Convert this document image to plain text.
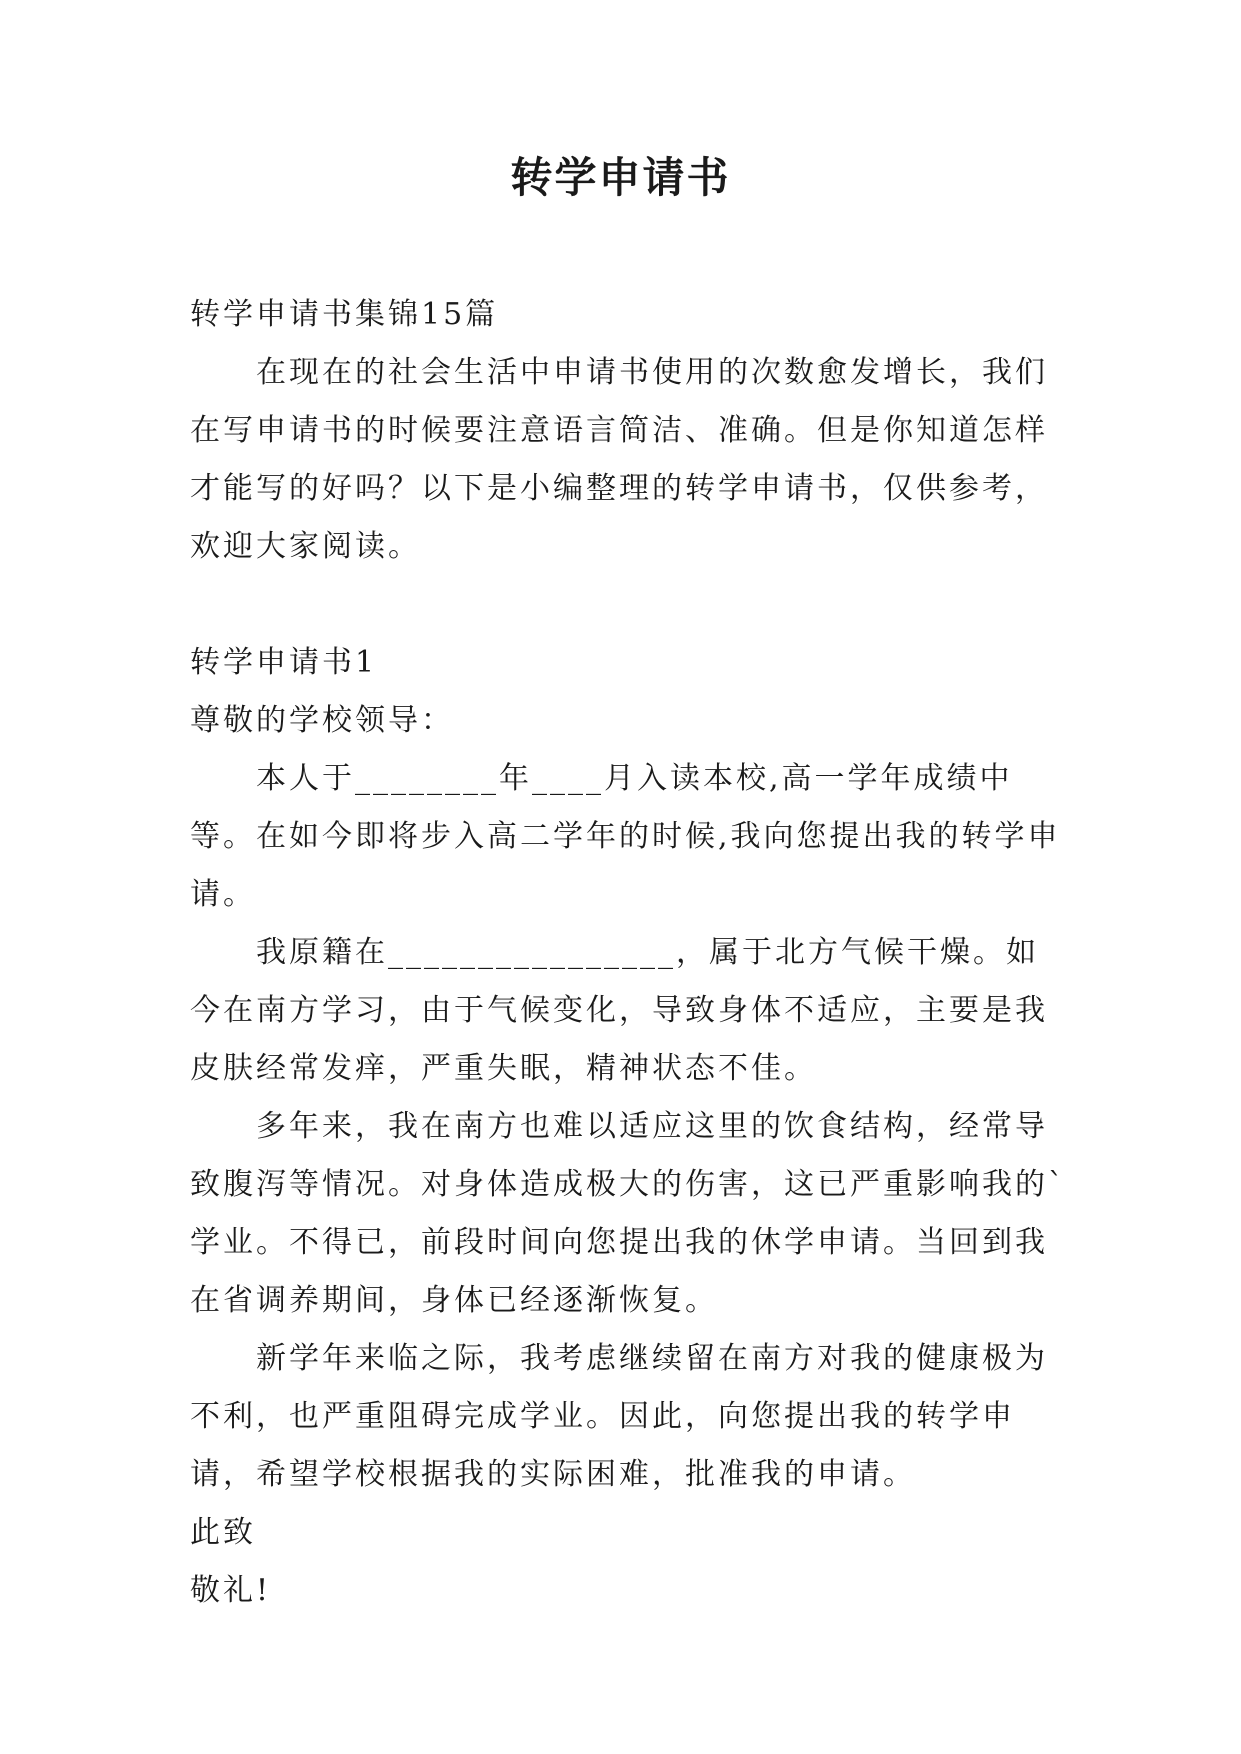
转学申请书

转学申请书集锦15篇

在现在的社会生活中申请书使用的次数愈发增长，我们在写申请书的时候要注意语言简洁、准确。但是你知道怎样才能写的好吗？以下是小编整理的转学申请书，仅供参考，欢迎大家阅读。

转学申请书1

尊敬的学校领导：

本人于________年____月入读本校,高一学年成绩中等。在如今即将步入高二学年的时候,我向您提出我的转学申请。

我原籍在________________，属于北方气候干燥。如今在南方学习，由于气候变化，导致身体不适应，主要是我皮肤经常发痒，严重失眠，精神状态不佳。

多年来，我在南方也难以适应这里的饮食结构，经常导致腹泻等情况。对身体造成极大的伤害，这已严重影响我的`学业。不得已，前段时间向您提出我的休学申请。当回到我在省调养期间，身体已经逐渐恢复。

新学年来临之际，我考虑继续留在南方对我的健康极为不利，也严重阻碍完成学业。因此，向您提出我的转学申请，希望学校根据我的实际困难，批准我的申请。

此致

敬礼!
